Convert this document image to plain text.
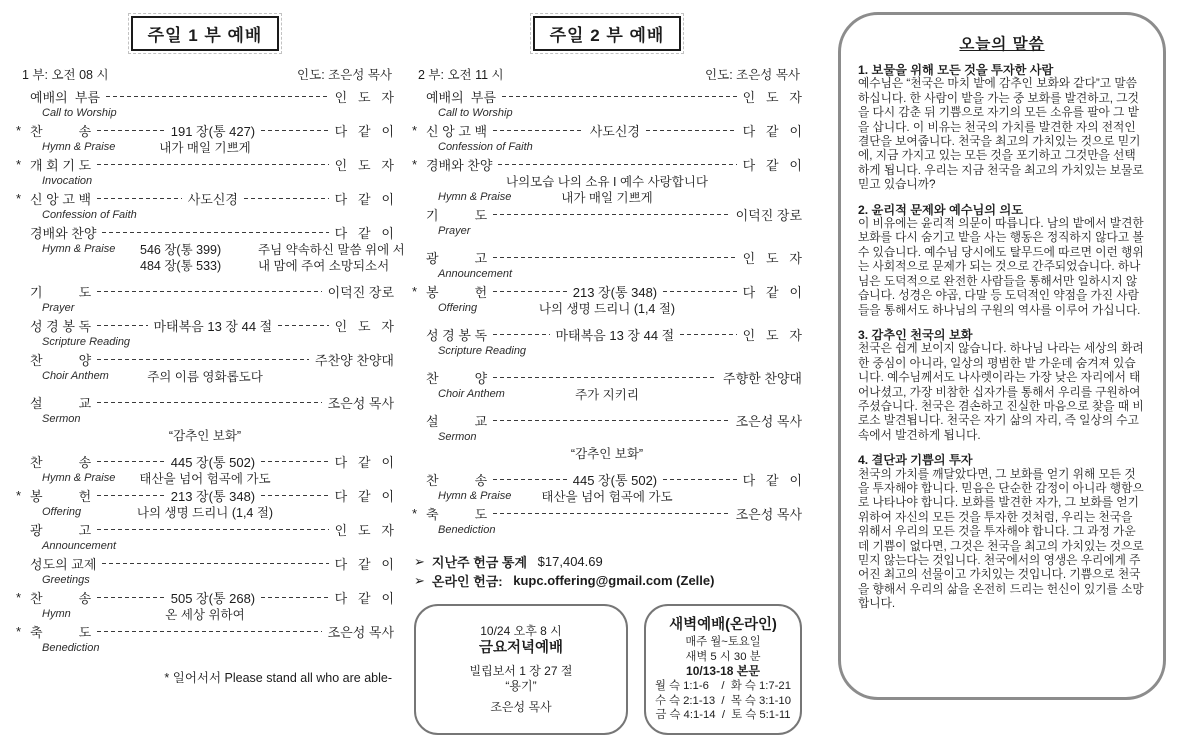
주일 1 부 예배
1 부: 오전 08 시	인도: 조은성 목사
예배의  부름	인   도   자
Call to Worship
* 찬          송	191 장(통 427)	다   같   이
Hymn & Praise	내가 매일 기쁘게
* 개 회 기 도	인   도   자
Invocation
* 신 앙 고 백	사도신경	다   같   이
Confession of Faith
경배와 찬양	다   같   이
Hymn & Praise	546 장(통 399)	주님 약속하신 말씀 위에 서
484 장(통 533)	내 맘에 주여 소망되소서
기          도	이덕진 장로
Prayer
성 경 봉 독	마태복음 13 장 44 절	인   도   자
Scripture Reading
찬          양	주찬양 찬양대
Choir Anthem	주의 이름 영화롭도다
설          교	조은성 목사
Sermon
“감추인 보화”
찬          송	445 장(통 502)	다   같   이
Hymn & Praise	태산을 넘어 험곡에 가도
* 봉          헌	213 장(통 348)	다   같   이
Offering	나의 생명 드리니 (1,4 절)
광          고	인   도   자
Announcement
성도의 교제	다   같   이
Greetings
* 찬          송	505 장(통 268)	다   같   이
Hymn	온 세상 위하여
* 축          도	조은성 목사
Benediction
* 일어서서 Please stand all who are able-
주일 2 부 예배
2 부: 오전 11 시	인도: 조은성 목사
예배의  부름	인   도   자
Call to Worship
* 신 앙 고 백	사도신경	다   같   이
Confession of Faith
* 경배와 찬양	다   같   이
나의모습 나의 소유 I 예수 사랑합니다
Hymn & Praise	내가 매일 기쁘게
기          도	이덕진 장로
Prayer
광          고	인   도   자
Announcement
* 봉          헌	213 장(통 348)	다   같   이
Offering	나의 생명 드리니 (1,4 절)
성 경 봉 독	마태복음 13 장 44 절	인   도   자
Scripture Reading
찬          양	주향한 찬양대
Choir Anthem	주가 지키리
설          교	조은성 목사
Sermon
“감추인 보화”
찬          송	445 장(통 502)	다   같   이
Hymn & Praise	태산을 넘어 험곡에 가도
* 축          도	조은성 목사
Benediction
➢ 지난주 헌금 통계 $17,404.69
➢ 온라인 헌금: kupc.offering@gmail.com (Zelle)
10/24 오후 8 시
금요저녁예배
빌립보서 1 장 27 절
“용기”
조은성 목사
새벽예배(온라인)
매주 월~토요일
새벽 5 시 30 분
10/13-18 본문
월 슥 1:1-6    /  화 슥 1:7-21
수 슥 2:1-13  /  목 슥 3:1-10
금 슥 4:1-14  /  토 슥 5:1-11
오늘의 말씀
1. 보물을 위해 모든 것을 투자한 사람
예수님은 “천국은 마치 밭에 감추인 보화와 같다”고 말씀하십니다. 한 사람이 밭을 가는 중 보화를 발견하고, 그것을 다시 감춘 뒤 기쁨으로 자기의 모든 소유를 팔아 그 밭을 삽니다. 이 비유는 천국의 가치를 발견한 자의 전적인 결단을 보여줍니다. 천국을 최고의 가치있는 것으로 믿기에, 지금 가지고 있는 모든 것을 포기하고 그것만을 선택하게 됩니다. 우리는 지금 천국을 최고의 가치있는 보물로 믿고 있습니까?
2. 윤리적 문제와 예수님의 의도
이 비유에는 윤리적 의문이 따릅니다. 남의 밭에서 발견한 보화를 다시 숨기고 밭을 사는 행동은 정직하지 않다고 볼 수 있습니다. 예수님 당시에도 탈무드에 따르면 이런 행위는 사회적으로 문제가 되는 것으로 간주되었습니다. 하나님은 도덕적으로 완전한 사람들을 통해서만 일하시지 않습니다. 성경은 야곱, 다말 등 도덕적인 약점을 가진 사람들을 통해서도 하나님의 구원의 역사를 이루어 가십니다.
3. 감추인 천국의 보화
천국은 쉽게 보이지 않습니다. 하나님 나라는 세상의 화려한 중심이 아니라, 일상의 평범한 밭 가운데 숨겨져 있습니다. 예수님께서도 나사렛이라는 가장 낮은 자리에서 태어나셨고, 가장 비참한 십자가를 통해서 우리를 구원하여 주셨습니다. 천국은 겸손하고 진실한 마음으로 찾을 때 비로소 발견됩니다. 천국은 자기 삶의 자리, 즉 일상의 수고 속에서 발견하게 됩니다.
4. 결단과 기쁨의 투자
천국의 가치를 깨달았다면, 그 보화를 얻기 위해 모든 것을 투자해야 합니다. 믿음은 단순한 감정이 아니라 행함으로 나타나야 합니다. 보화를 발견한 자가, 그 보화를 얻기 위하여 자신의 모든 것을 투자한 것처럼, 우리는 천국을 위해서 우리의 모든 것을 투자해야 합니다. 그 과정 가운데 기쁨이 없다면, 그것은 천국을 최고의 가치있는 것으로 믿지 않는다는 것입니다. 천국에서의 영생은 우리에게 주어진 최고의 선물이고 가치있는 것입니다. 기쁨으로 천국을 향해서 우리의 삶을 온전히 드리는 헌신이 있기를 소망합니다.
